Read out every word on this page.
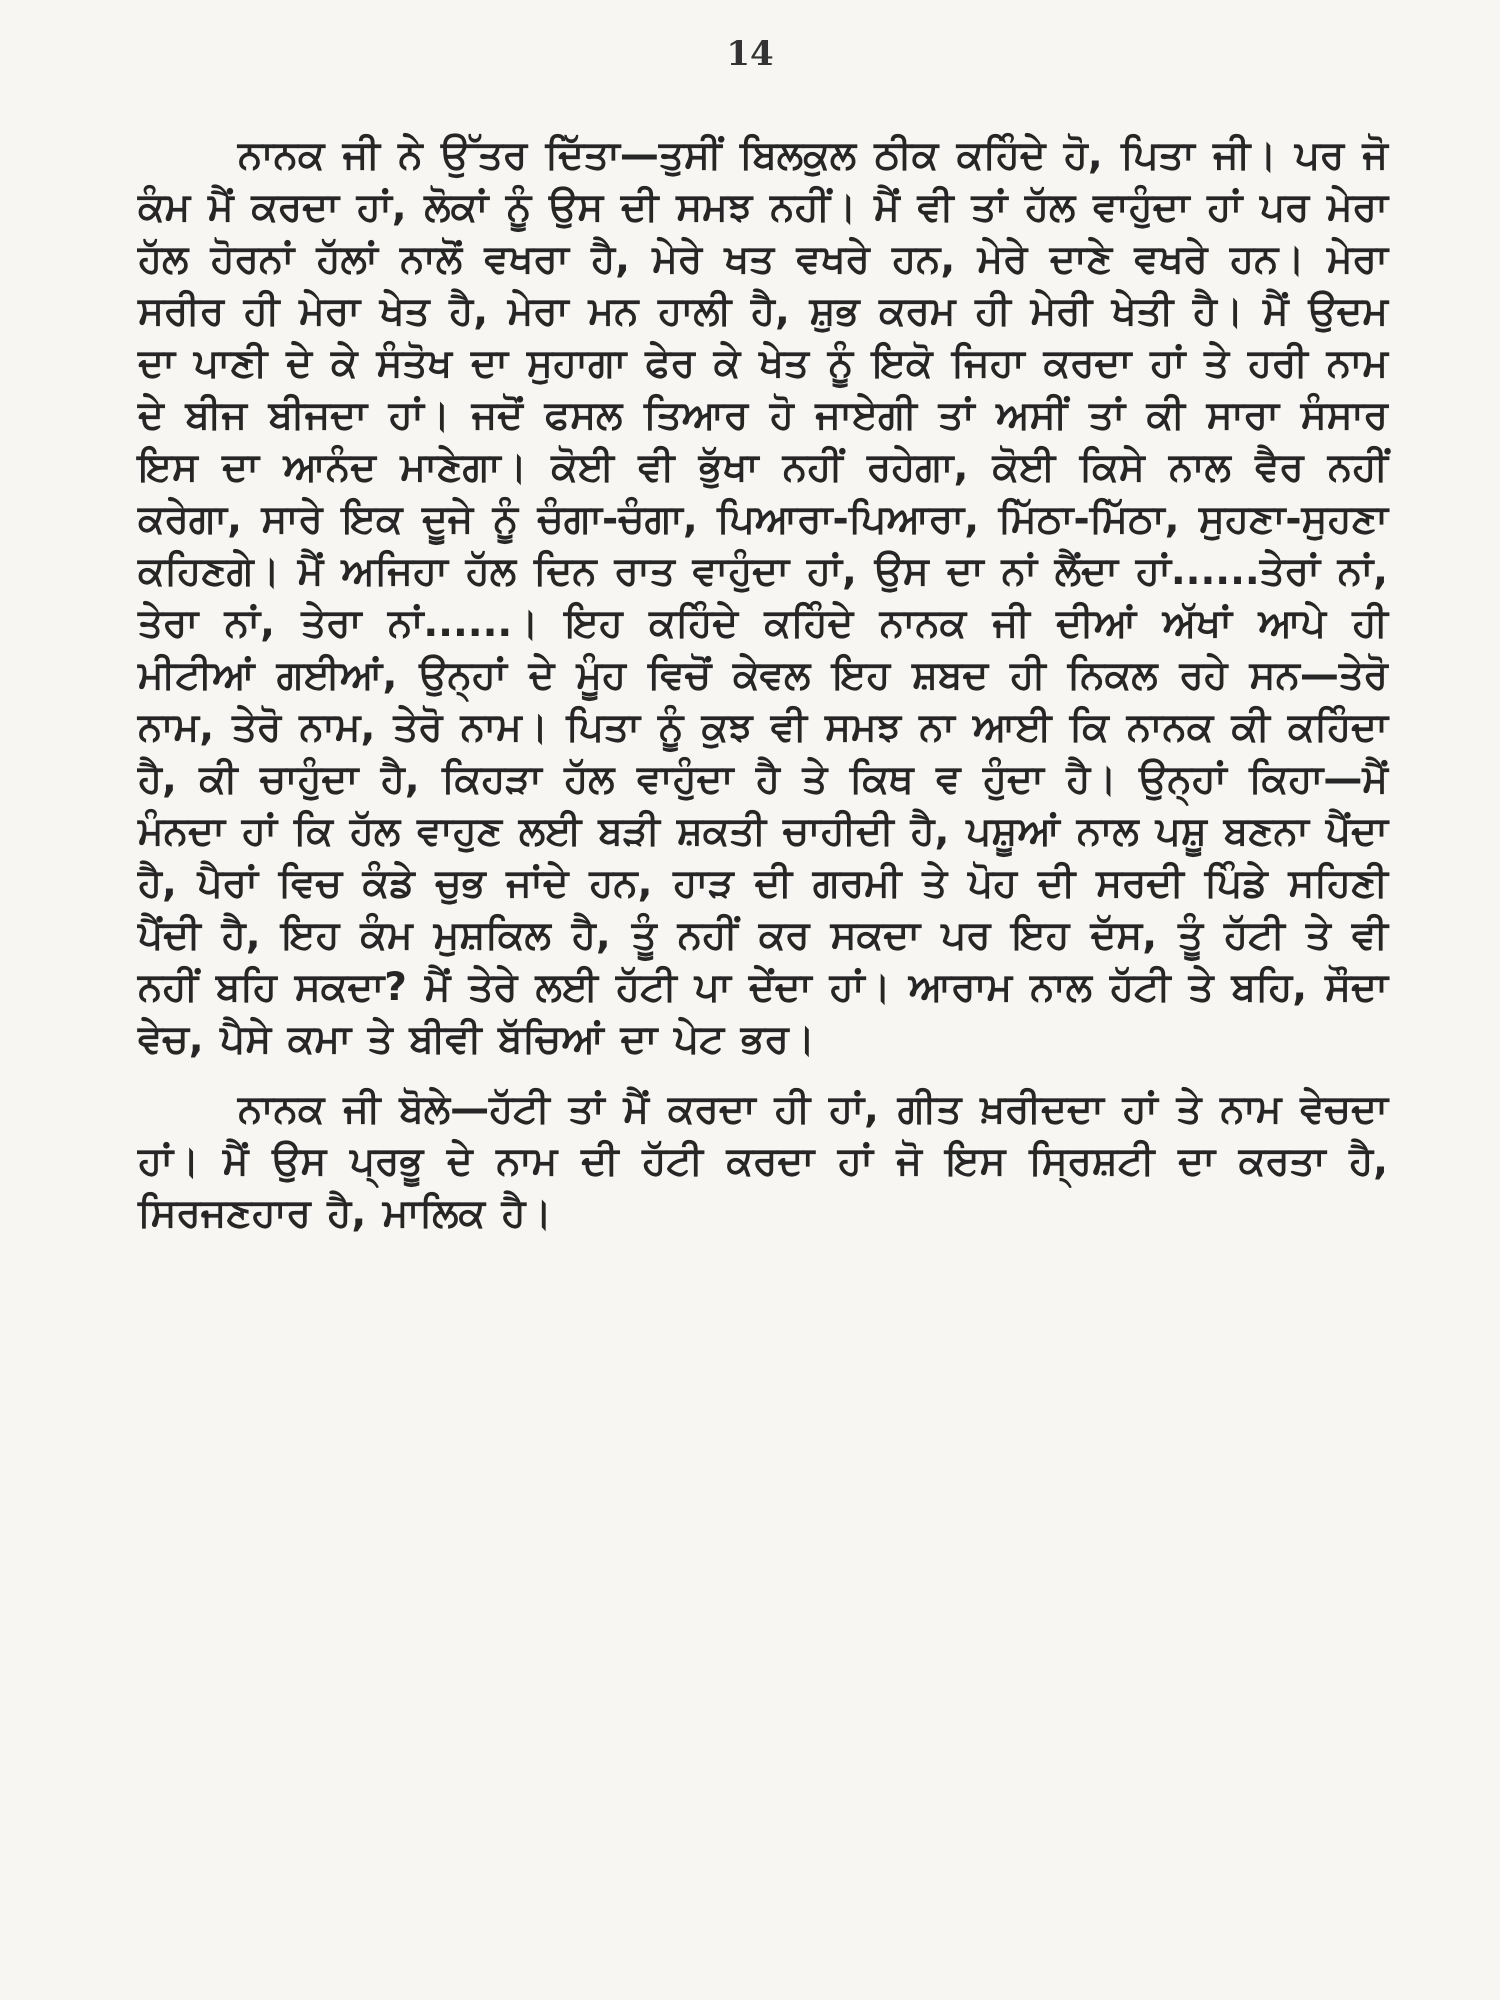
14

ਨਾਨਕ ਜੀ ਨੇ ਉੱਤਰ ਦਿੱਤਾ—ਤੁਸੀਂ ਬਿਲਕੁਲ ਠੀਕ ਕਹਿੰਦੇ ਹੋ, ਪਿਤਾ ਜੀ। ਪਰ ਜੋ ਕੰਮ ਮੈਂ ਕਰਦਾ ਹਾਂ, ਲੋਕਾਂ ਨੂੰ ਉਸ ਦੀ ਸਮਝ ਨਹੀਂ। ਮੈਂ ਵੀ ਤਾਂ ਹੱਲ ਵਾਹੁੰਦਾ ਹਾਂ ਪਰ ਮੇਰਾ ਹੱਲ ਹੋਰਨਾਂ ਹੱਲਾਂ ਨਾਲੋਂ ਵਖਰਾ ਹੈ, ਮੇਰੇ ਖਤ ਵਖਰੇ ਹਨ, ਮੇਰੇ ਦਾਣੇ ਵਖਰੇ ਹਨ। ਮੇਰਾ ਸਰੀਰ ਹੀ ਮੇਰਾ ਖੇਤ ਹੈ, ਮੇਰਾ ਮਨ ਹਾਲੀ ਹੈ, ਸ਼ੁਭ ਕਰਮ ਹੀ ਮੇਰੀ ਖੇਤੀ ਹੈ। ਮੈਂ ਉਦਮ ਦਾ ਪਾਣੀ ਦੇ ਕੇ ਸੰਤੋਖ ਦਾ ਸੁਹਾਗਾ ਫੇਰ ਕੇ ਖੇਤ ਨੂੰ ਇਕੋ ਜਿਹਾ ਕਰਦਾ ਹਾਂ ਤੇ ਹਰੀ ਨਾਮ ਦੇ ਬੀਜ ਬੀਜਦਾ ਹਾਂ। ਜਦੋਂ ਫਸਲ ਤਿਆਰ ਹੋ ਜਾਏਗੀ ਤਾਂ ਅਸੀਂ ਤਾਂ ਕੀ ਸਾਰਾ ਸੰਸਾਰ ਇਸ ਦਾ ਆਨੰਦ ਮਾਣੇਗਾ। ਕੋਈ ਵੀ ਭੁੱਖਾ ਨਹੀਂ ਰਹੇਗਾ, ਕੋਈ ਕਿਸੇ ਨਾਲ ਵੈਰ ਨਹੀਂ ਕਰੇਗਾ, ਸਾਰੇ ਇਕ ਦੂਜੇ ਨੂੰ ਚੰਗਾ-ਚੰਗਾ, ਪਿਆਰਾ-ਪਿਆਰਾ, ਮਿੱਠਾ-ਮਿੱਠਾ, ਸੁਹਣਾ-ਸੁਹਣਾ ਕਹਿਣਗੇ। ਮੈਂ ਅਜਿਹਾ ਹੱਲ ਦਿਨ ਰਾਤ ਵਾਹੁੰਦਾ ਹਾਂ, ਉਸ ਦਾ ਨਾਂ ਲੈਂਦਾ ਹਾਂ......ਤੇਰਾਂ ਨਾਂ, ਤੇਰਾ ਨਾਂ, ਤੇਰਾ ਨਾਂ......। ਇਹ ਕਹਿੰਦੇ ਕਹਿੰਦੇ ਨਾਨਕ ਜੀ ਦੀਆਂ ਅੱਖਾਂ ਆਪੇ ਹੀ ਮੀਟੀਆਂ ਗਈਆਂ, ਉਨ੍ਹਾਂ ਦੇ ਮੂੰਹ ਵਿਚੋਂ ਕੇਵਲ ਇਹ ਸ਼ਬਦ ਹੀ ਨਿਕਲ ਰਹੇ ਸਨ—ਤੇਰੋ ਨਾਮ, ਤੇਰੋ ਨਾਮ, ਤੇਰੋ ਨਾਮ। ਪਿਤਾ ਨੂੰ ਕੁਝ ਵੀ ਸਮਝ ਨਾ ਆਈ ਕਿ ਨਾਨਕ ਕੀ ਕਹਿੰਦਾ ਹੈ, ਕੀ ਚਾਹੁੰਦਾ ਹੈ, ਕਿਹੜਾ ਹੱਲ ਵਾਹੁੰਦਾ ਹੈ ਤੇ ਕਿਥ ਵ ਹੁੰਦਾ ਹੈ। ਉਨ੍ਹਾਂ ਕਿਹਾ—ਮੈਂ ਮੰਨਦਾ ਹਾਂ ਕਿ ਹੱਲ ਵਾਹੁਣ ਲਈ ਬੜੀ ਸ਼ਕਤੀ ਚਾਹੀਦੀ ਹੈ, ਪਸ਼ੂਆਂ ਨਾਲ ਪਸ਼ੂ ਬਣਨਾ ਪੈਂਦਾ ਹੈ, ਪੈਰਾਂ ਵਿਚ ਕੰਡੇ ਚੁਭ ਜਾਂਦੇ ਹਨ, ਹਾੜ ਦੀ ਗਰਮੀ ਤੇ ਪੋਹ ਦੀ ਸਰਦੀ ਪਿੰਡੇ ਸਹਿਣੀ ਪੈਂਦੀ ਹੈ, ਇਹ ਕੰਮ ਮੁਸ਼ਕਿਲ ਹੈ, ਤੂੰ ਨਹੀਂ ਕਰ ਸਕਦਾ ਪਰ ਇਹ ਦੱਸ, ਤੂੰ ਹੱਟੀ ਤੇ ਵੀ ਨਹੀਂ ਬਹਿ ਸਕਦਾ? ਮੈਂ ਤੇਰੇ ਲਈ ਹੱਟੀ ਪਾ ਦੇਂਦਾ ਹਾਂ। ਆਰਾਮ ਨਾਲ ਹੱਟੀ ਤੇ ਬਹਿ, ਸੌਦਾ ਵੇਚ, ਪੈਸੇ ਕਮਾ ਤੇ ਬੀਵੀ ਬੱਚਿਆਂ ਦਾ ਪੇਟ ਭਰ।

ਨਾਨਕ ਜੀ ਬੋਲੇ—ਹੱਟੀ ਤਾਂ ਮੈਂ ਕਰਦਾ ਹੀ ਹਾਂ, ਗੀਤ ਖ਼ਰੀਦਦਾ ਹਾਂ ਤੇ ਨਾਮ ਵੇਚਦਾ ਹਾਂ। ਮੈਂ ਉਸ ਪ੍ਰਭੂ ਦੇ ਨਾਮ ਦੀ ਹੱਟੀ ਕਰਦਾ ਹਾਂ ਜੋ ਇਸ ਸ੍ਰਿਸ਼ਟੀ ਦਾ ਕਰਤਾ ਹੈ, ਸਿਰਜਣਹਾਰ ਹੈ, ਮਾਲਿਕ ਹੈ।
